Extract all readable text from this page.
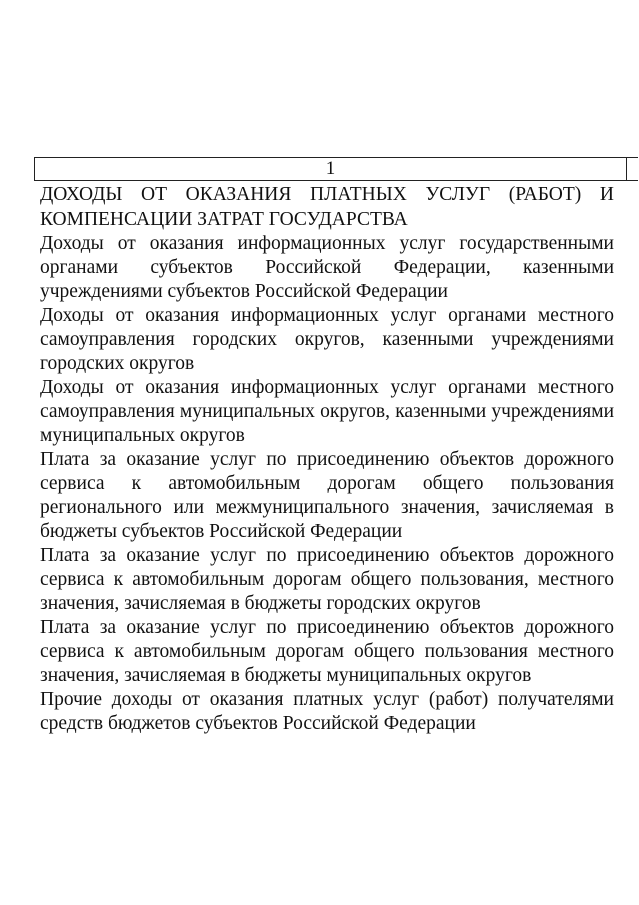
1

ДОХОДЫ ОТ ОКАЗАНИЯ ПЛАТНЫХ УСЛУГ (РАБОТ) И КОМПЕНСАЦИИ ЗАТРАТ ГОСУДАРСТВА

Доходы от оказания информационных услуг государственными органами субъектов Российской Федерации, казенными учреждениями субъектов Российской Федерации

Доходы от оказания информационных услуг органами местного самоуправления городских округов, казенными учреждениями городских округов

Доходы от оказания информационных услуг органами местного самоуправления муниципальных округов, казенными учреждениями муниципальных округов

Плата за оказание услуг по присоединению объектов дорожного сервиса к автомобильным дорогам общего пользования регионального или межмуниципального значения, зачисляемая в бюджеты субъектов Российской Федерации

Плата за оказание услуг по присоединению объектов дорожного сервиса к автомобильным дорогам общего пользования, местного значения, зачисляемая в бюджеты городских округов

Плата за оказание услуг по присоединению объектов дорожного сервиса к автомобильным дорогам общего пользования местного значения, зачисляемая в бюджеты муниципальных округов

Прочие доходы от оказания платных услуг (работ) получателями средств бюджетов субъектов Российской Федерации
